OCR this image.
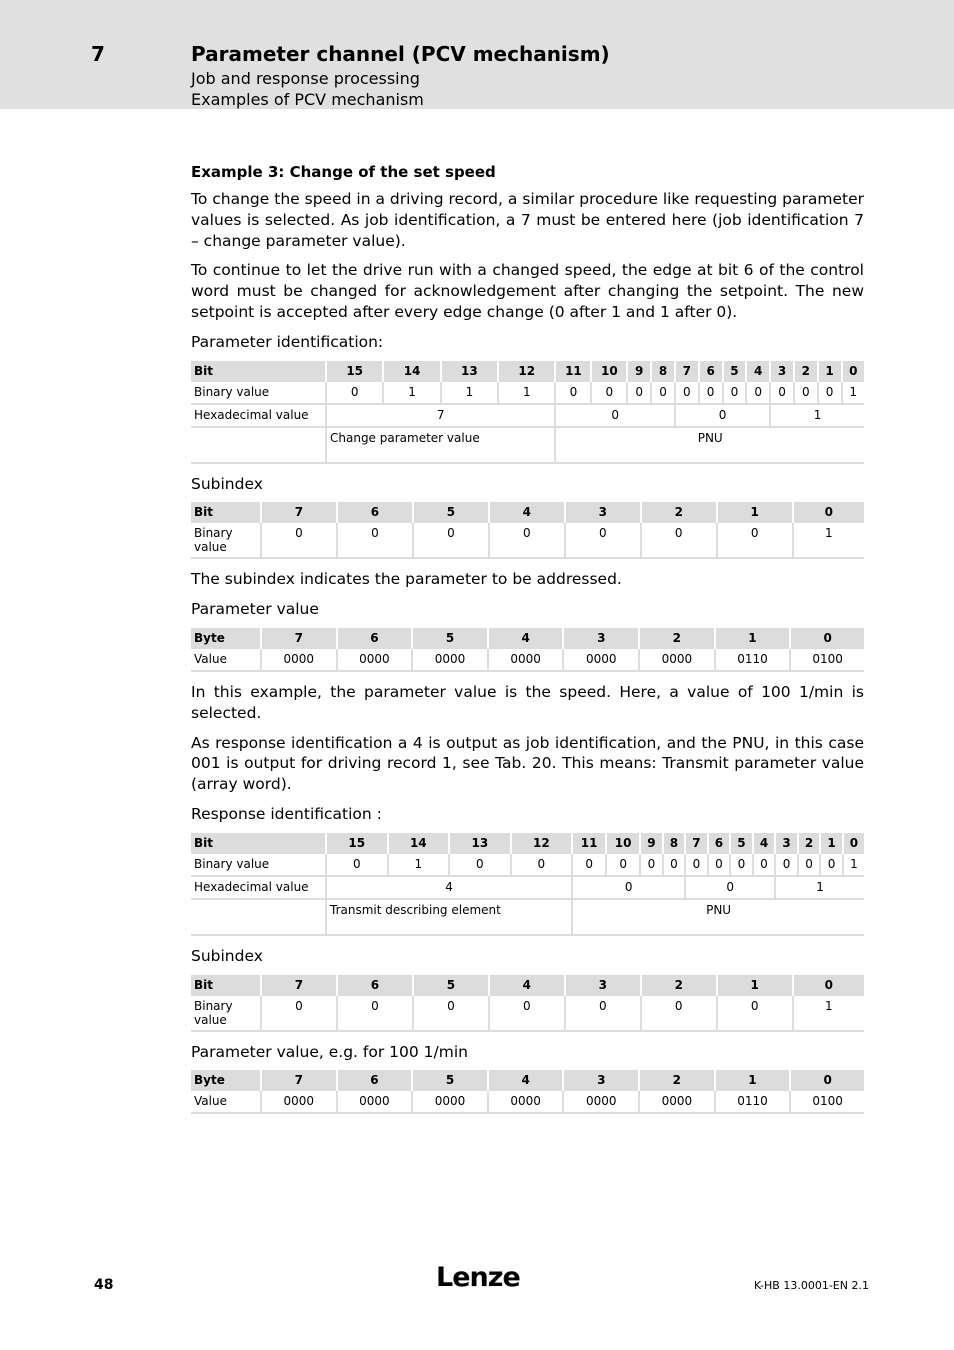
7	Parameter channel (PCV mechanism)
Job and response processing
Examples of PCV mechanism
Example 3: Change of the set speed

To change the speed in a driving record, a similar procedure like requesting parameter values is selected. As job identification, a 7 must be entered here (job identification 7 – change parameter value).

To continue to let the drive run with a changed speed, the edge at bit 6 of the control word must be changed for acknowledgement after changing the setpoint. The new setpoint is accepted after every edge change (0 after 1 and 1 after 0).

Parameter identification:

Bit	15	14	13	12	11	10	9	8	7	6	5	4	3	2	1	0
Binary value	0	1	1	1	0	0	0	0	0	0	0	0	0	0	0	1
Hexadecimal value	7				0				0				1			
	Change parameter value				PNU											

Subindex

Bit	7	6	5	4	3	2	1	0
Binary value	0	0	0	0	0	0	0	1

The subindex indicates the parameter to be addressed.

Parameter value

Byte	7	6	5	4	3	2	1	0
Value	0000	0000	0000	0000	0000	0000	0110	0100

In this example, the parameter value is the speed. Here, a value of 100 1/min is selected.

As response identification a 4 is output as job identification, and the PNU, in this case 001 is output for driving record 1, see Tab. 20. This means: Transmit parameter value (array word).

Response identification :

Bit	15	14	13	12	11	10	9	8	7	6	5	4	3	2	1	0
Binary value	0	1	0	0	0	0	0	0	0	0	0	0	0	0	0	1
Hexadecimal value	4				0				0				1			
	Transmit describing element				PNU											

Subindex

Bit	7	6	5	4	3	2	1	0
Binary value	0	0	0	0	0	0	0	1

Parameter value, e.g. for 100 1/min

Byte	7	6	5	4	3	2	1	0
Value	0000	0000	0000	0000	0000	0000	0110	0100
48	Lenze	K-HB 13.0001-EN 2.1
